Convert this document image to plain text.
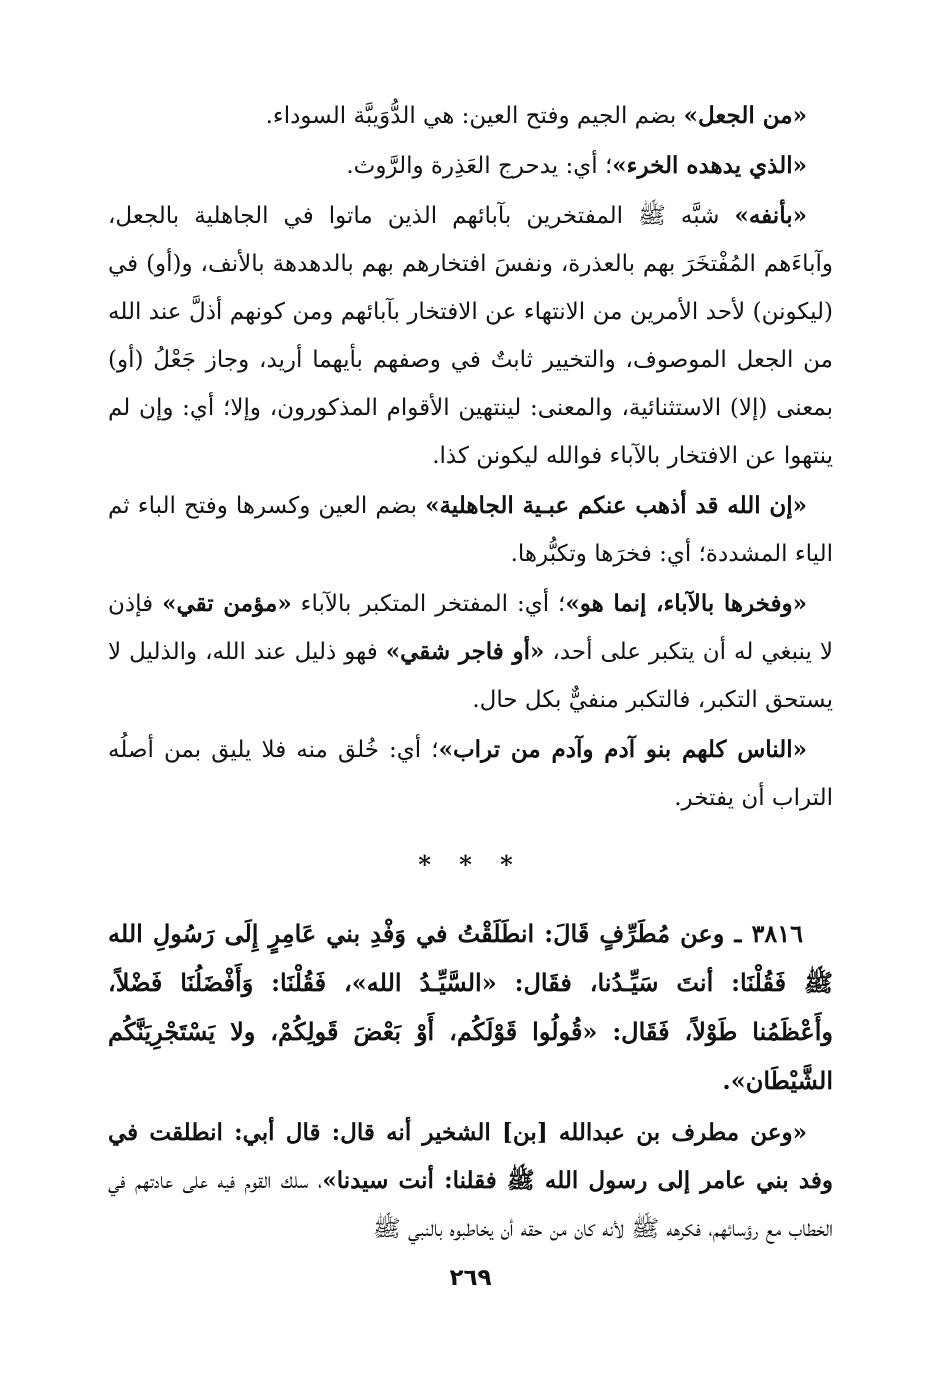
«من الجعل» بضم الجيم وفتح العين: هي الدُّوَيبَّة السوداء.

«الذي يدهده الخرء»؛ أي: يدحرج العَذِرة والرَّوث.

«بأنفه» شبَّه ﷺ المفتخرين بآبائهم الذين ماتوا في الجاهلية بالجعل، وآباءَهم المُفْتخَرَ بهم بالعذرة، ونفسَ افتخارهم بهم بالدهدهة بالأنف، و(أو) في (ليكونن) لأحد الأمرين من الانتهاء عن الافتخار بآبائهم ومن كونهم أذلَّ عند الله من الجعل الموصوف، والتخيير ثابتٌ في وصفهم بأيهما أريد، وجاز جَعْلُ (أو) بمعنى (إلا) الاستثنائية، والمعنى: لينتهين الأقوام المذكورون، وإلا؛ أي: وإن لم ينتهوا عن الافتخار بالآباء فوالله ليكونن كذا.

«إن الله قد أذهب عنكم عبـية الجاهلية» بضم العين وكسرها وفتح الباء ثم الياء المشددة؛ أي: فخرَها وتكبُّرها.

«وفخرها بالآباء، إنما هو»؛ أي: المفتخر المتكبر بالآباء «مؤمن تقي» فإذن لا ينبغي له أن يتكبر على أحد، «أو فاجر شقي» فهو ذليل عند الله، والذليل لا يستحق التكبر، فالتكبر منفيٌّ بكل حال.

«الناس كلهم بنو آدم وآدم من تراب»؛ أي: خُلق منه فلا يليق بمن أصلُه التراب أن يفتخر.

* * *

٣٨١٦ ـ وعن مُطَرِّفٍ قَالَ: انطَلَقْتُ في وَفْدِ بني عَامِرٍ إِلَى رَسُولِ الله ﷺ فَقُلْنَا: أنتَ سَيِّـدُنا، فقَال: «السَّيِّـدُ الله»، فَقُلْنَا: وَأَفْضَلُنَا فَضْلاً، وأَعْظَمُنا طَوْلاً، فَقَال: «قُولُوا قَوْلَكُم، أَوْ بَعْضَ قَولِكُمْ، ولا يَسْتَجْرِيَنَّكُم الشَّيْطَان».

«وعن مطرف بن عبدالله [بن] الشخير أنه قال: قال أبي: انطلقت في وفد بني عامر إلى رسول الله ﷺ فقلنا: أنت سيدنا»، سلك القوم فيه على عادتهم في الخطاب مع رؤسائهم، فكرهه ﷺ لأنه كان من حقه أن يخاطبوه بالنبي ﷺ

٢٦٩
